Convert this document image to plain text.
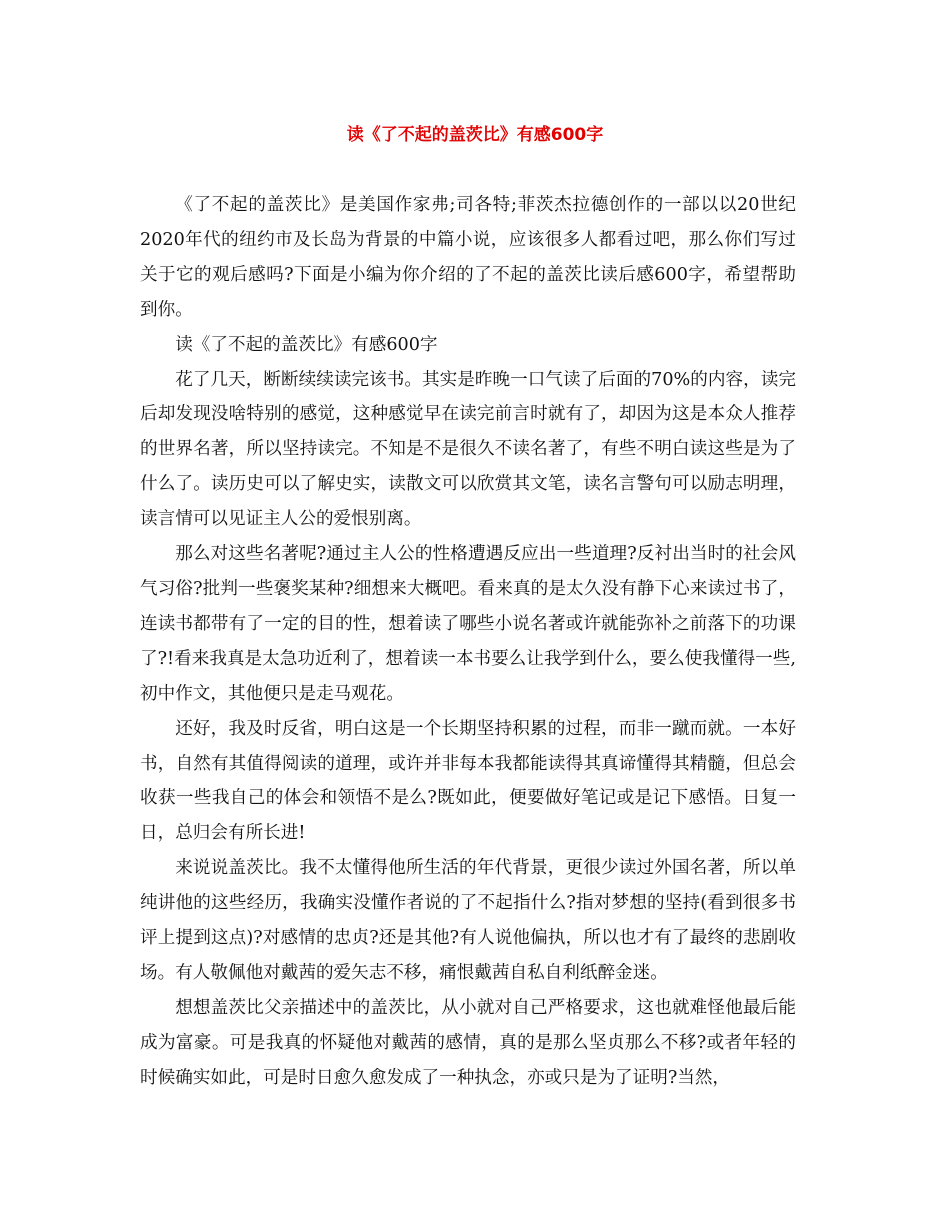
读《了不起的盖茨比》有感600字

《了不起的盖茨比》是美国作家弗;司各特;菲茨杰拉德创作的一部以以20世纪2020年代的纽约市及长岛为背景的中篇小说，应该很多人都看过吧，那么你们写过关于它的观后感吗?下面是小编为你介绍的了不起的盖茨比读后感600字，希望帮助到你。

读《了不起的盖茨比》有感600字

花了几天，断断续续读完该书。其实是昨晚一口气读了后面的70%的内容，读完后却发现没啥特别的感觉，这种感觉早在读完前言时就有了，却因为这是本众人推荐的世界名著，所以坚持读完。不知是不是很久不读名著了，有些不明白读这些是为了什么了。读历史可以了解史实，读散文可以欣赏其文笔，读名言警句可以励志明理，读言情可以见证主人公的爱恨别离。

那么对这些名著呢?通过主人公的性格遭遇反应出一些道理?反衬出当时的社会风气习俗?批判一些褒奖某种?细想来大概吧。看来真的是太久没有静下心来读过书了，连读书都带有了一定的目的性，想着读了哪些小说名著或许就能弥补之前落下的功课了?!看来我真是太急功近利了，想着读一本书要么让我学到什么，要么使我懂得一些,初中作文，其他便只是走马观花。

还好，我及时反省，明白这是一个长期坚持积累的过程，而非一蹴而就。一本好书，自然有其值得阅读的道理，或许并非每本我都能读得其真谛懂得其精髓，但总会收获一些我自己的体会和领悟不是么?既如此，便要做好笔记或是记下感悟。日复一日，总归会有所长进!

来说说盖茨比。我不太懂得他所生活的年代背景，更很少读过外国名著，所以单纯讲他的这些经历，我确实没懂作者说的了不起指什么?指对梦想的坚持(看到很多书评上提到这点)?对感情的忠贞?还是其他?有人说他偏执，所以也才有了最终的悲剧收场。有人敬佩他对戴茜的爱矢志不移，痛恨戴茜自私自利纸醉金迷。

想想盖茨比父亲描述中的盖茨比，从小就对自己严格要求，这也就难怪他最后能成为富豪。可是我真的怀疑他对戴茜的感情，真的是那么坚贞那么不移?或者年轻的时候确实如此，可是时日愈久愈发成了一种执念，亦或只是为了证明?当然，
